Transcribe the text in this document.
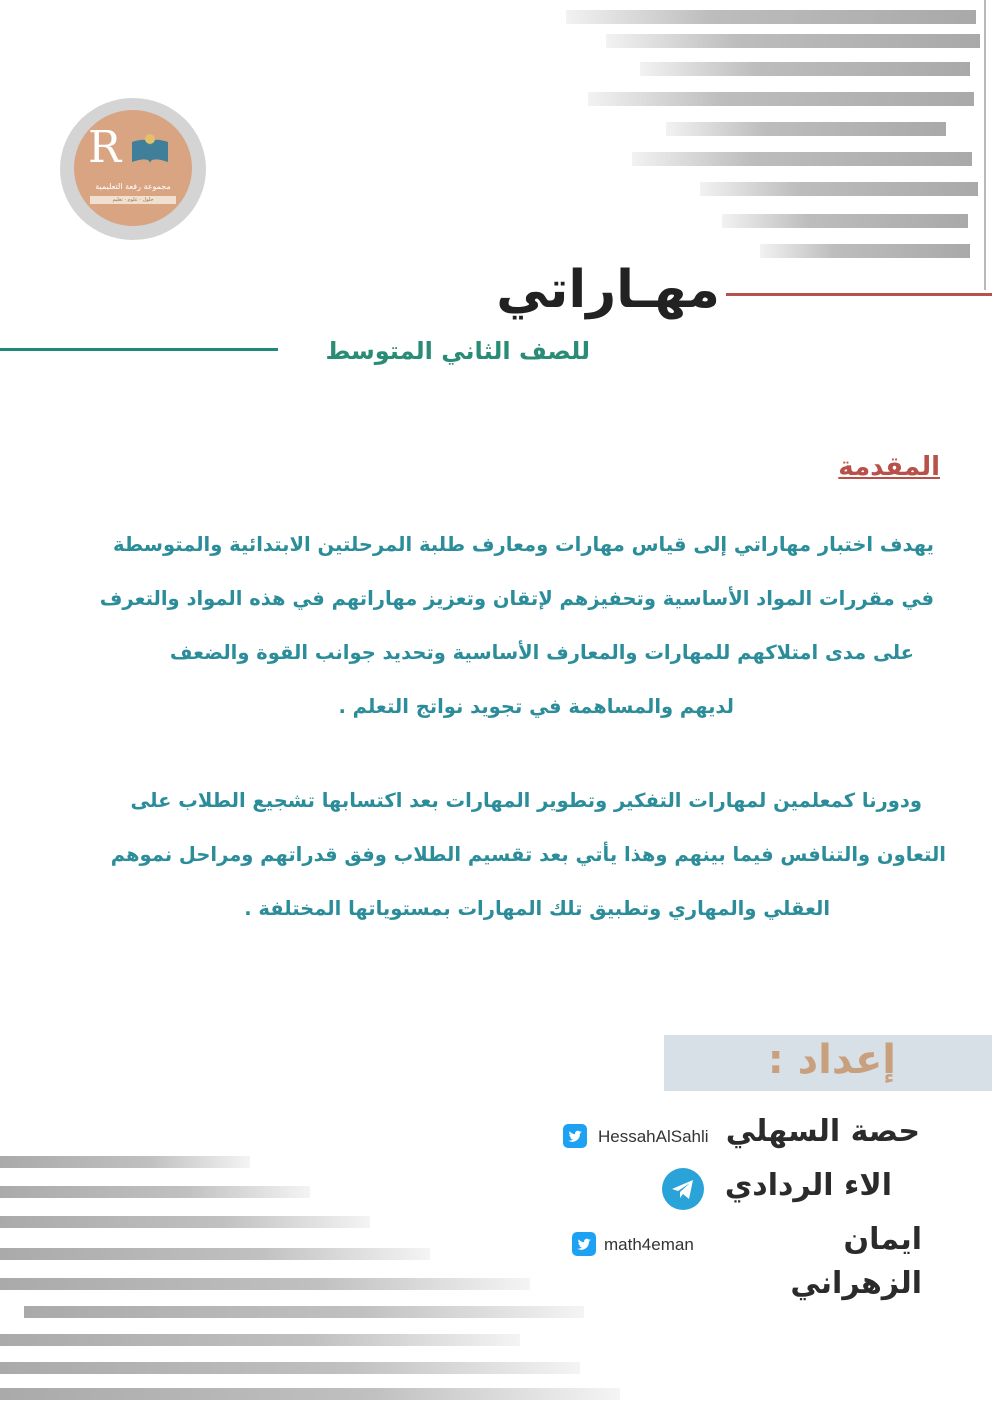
R
مجموعة رفعة التعليمية
حلول · علوم · تعليم
مهـاراتي
للصف الثاني المتوسط
المقدمة
يهدف اختبار مهاراتي إلى قياس مهارات ومعارف طلبة المرحلتين الابتدائية والمتوسطة
في مقررات المواد الأساسية وتحفيزهم لإتقان وتعزيز مهاراتهم في هذه المواد والتعرف
على مدى امتلاكهم للمهارات والمعارف الأساسية وتحديد جوانب القوة والضعف
لديهم والمساهمة في تجويد نواتج التعلم .
ودورنا كمعلمين لمهارات التفكير وتطوير المهارات بعد اكتسابها تشجيع الطلاب على
التعاون والتنافس فيما بينهم وهذا يأتي بعد تقسيم الطلاب وفق قدراتهم ومراحل نموهم
العقلي والمهاري وتطبيق تلك المهارات بمستوياتها المختلفة .
إعداد :
حصة السهلي
HessahAlSahli
الاء الردادي
ايمان الزهراني
math4eman
